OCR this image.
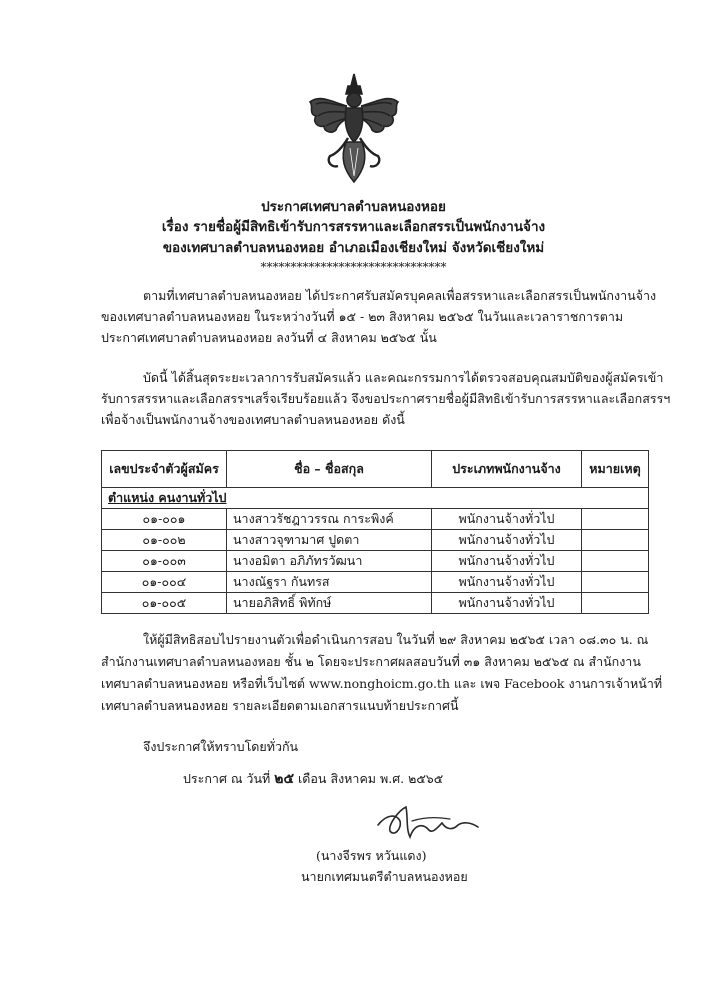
ประกาศเทศบาลตำบลหนองหอย
เรื่อง รายชื่อผู้มีสิทธิเข้ารับการสรรหาและเลือกสรรเป็นพนักงานจ้าง
ของเทศบาลตำบลหนองหอย อำเภอเมืองเชียงใหม่ จังหวัดเชียงใหม่
*******************************
ตามที่เทศบาลตำบลหนองหอย ได้ประกาศรับสมัครบุคคลเพื่อสรรหาและเลือกสรรเป็นพนักงานจ้าง
ของเทศบาลตำบลหนองหอย ในระหว่างวันที่ ๑๕ - ๒๓ สิงหาคม ๒๕๖๕ ในวันและเวลาราชการตาม
ประกาศเทศบาลตำบลหนองหอย ลงวันที่ ๔ สิงหาคม ๒๕๖๕ นั้น
บัดนี้ ได้สิ้นสุดระยะเวลาการรับสมัครแล้ว และคณะกรรมการได้ตรวจสอบคุณสมบัติของผู้สมัครเข้า
รับการสรรหาและเลือกสรรฯเสร็จเรียบร้อยแล้ว จึงขอประกาศรายชื่อผู้มีสิทธิเข้ารับการสรรหาและเลือกสรรฯ
เพื่อจ้างเป็นพนักงานจ้างของเทศบาลตำบลหนองหอย ดังนี้
เลขประจำตัวผู้สมัคร	ชื่อ – ชื่อสกุล	ประเภทพนักงานจ้าง	หมายเหตุ
ตำแหน่ง คนงานทั่วไป			
๐๑-๐๐๑	นางสาวรัชฎาวรรณ การะพิงค์	พนักงานจ้างทั่วไป	
๐๑-๐๐๒	นางสาวจุฑามาศ ปูดตา	พนักงานจ้างทั่วไป	
๐๑-๐๐๓	นางอมิตา อภิภัทรวัฒนา	พนักงานจ้างทั่วไป	
๐๑-๐๐๔	นางณัฐรา กันทรส	พนักงานจ้างทั่วไป	
๐๑-๐๐๕	นายอภิสิทธิ์ พิทักษ์	พนักงานจ้างทั่วไป	
ให้ผู้มีสิทธิสอบไปรายงานตัวเพื่อดำเนินการสอบ ในวันที่ ๒๙ สิงหาคม ๒๕๖๕ เวลา ๐๘.๓๐ น. ณ
สำนักงานเทศบาลตำบลหนองหอย ชั้น ๒ โดยจะประกาศผลสอบวันที่ ๓๑ สิงหาคม ๒๕๖๕ ณ สำนักงาน
เทศบาลตำบลหนองหอย หรือที่เว็บไซต์ www.nonghoicm.go.th และ เพจ Facebook งานการเจ้าหน้าที่
เทศบาลตำบลหนองหอย รายละเอียดตามเอกสารแนบท้ายประกาศนี้
จึงประกาศให้ทราบโดยทั่วกัน
ประกาศ ณ วันที่ ๒๕ เดือน สิงหาคม พ.ศ. ๒๕๖๕
(นางจีรพร หวันแดง)
นายกเทศมนตรีตำบลหนองหอย
